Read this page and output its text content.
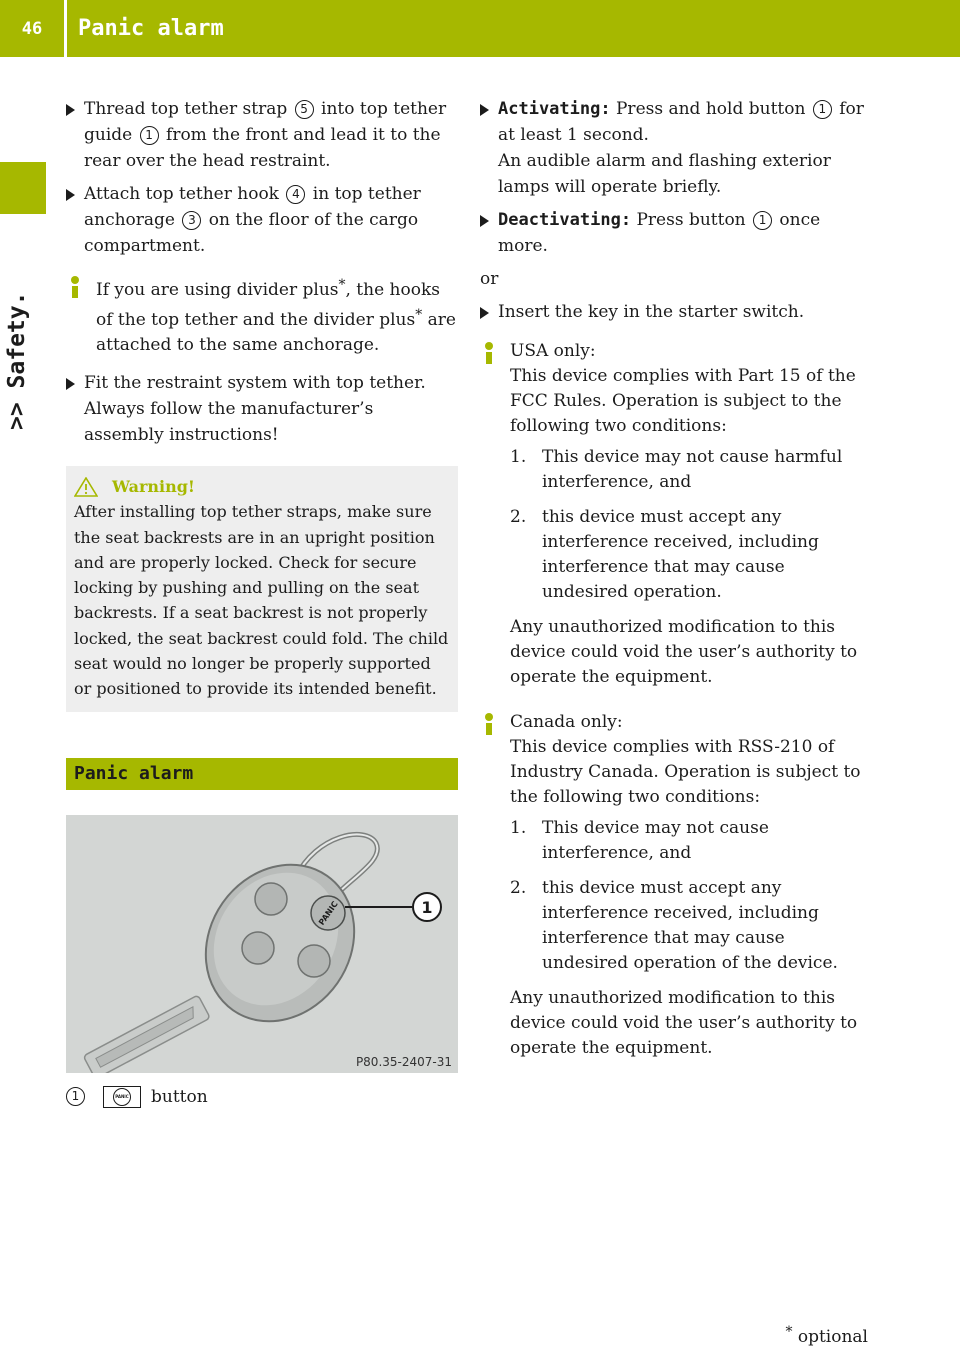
46	Panic alarm
>> Safety.
Thread top tether strap 5 into top tether guide 1 from the front and lead it to the rear over the head restraint.
Attach top tether hook 4 in top tether anchorage 3 on the floor of the cargo compartment.
If you are using divider plus*, the hooks of the top tether and the divider plus* are attached to the same anchorage.
Fit the restraint system with top tether. Always follow the manufacturer’s assembly instructions!
Warning!
After installing top tether straps, make sure the seat backrests are in an upright position and are properly locked. Check for secure locking by pushing and pulling on the seat backrests. If a seat backrest is not properly locked, the seat backrest could fold. The child seat would no longer be properly supported or positioned to provide its intended benefit.
Panic alarm
PANIC	1
P80.35-2407-31
1	PANIC button
Activating: Press and hold button 1 for at least 1 second.
An audible alarm and flashing exterior lamps will operate briefly.
Deactivating: Press button 1 once more.
or
Insert the key in the starter switch.

USA only:

This device complies with Part 15 of the FCC Rules. Operation is subject to the following two conditions:

1. This device may not cause harmful interference, and
2. this device must accept any interference received, including interference that may cause undesired operation.

Any unauthorized modification to this device could void the user’s authority to operate the equipment.

Canada only:

This device complies with RSS-210 of Industry Canada. Operation is subject to the following two conditions:

1. This device may not cause interference, and
2. this device must accept any interference received, including interference that may cause undesired operation of the device.

Any unauthorized modification to this device could void the user’s authority to operate the equipment.

* optional
